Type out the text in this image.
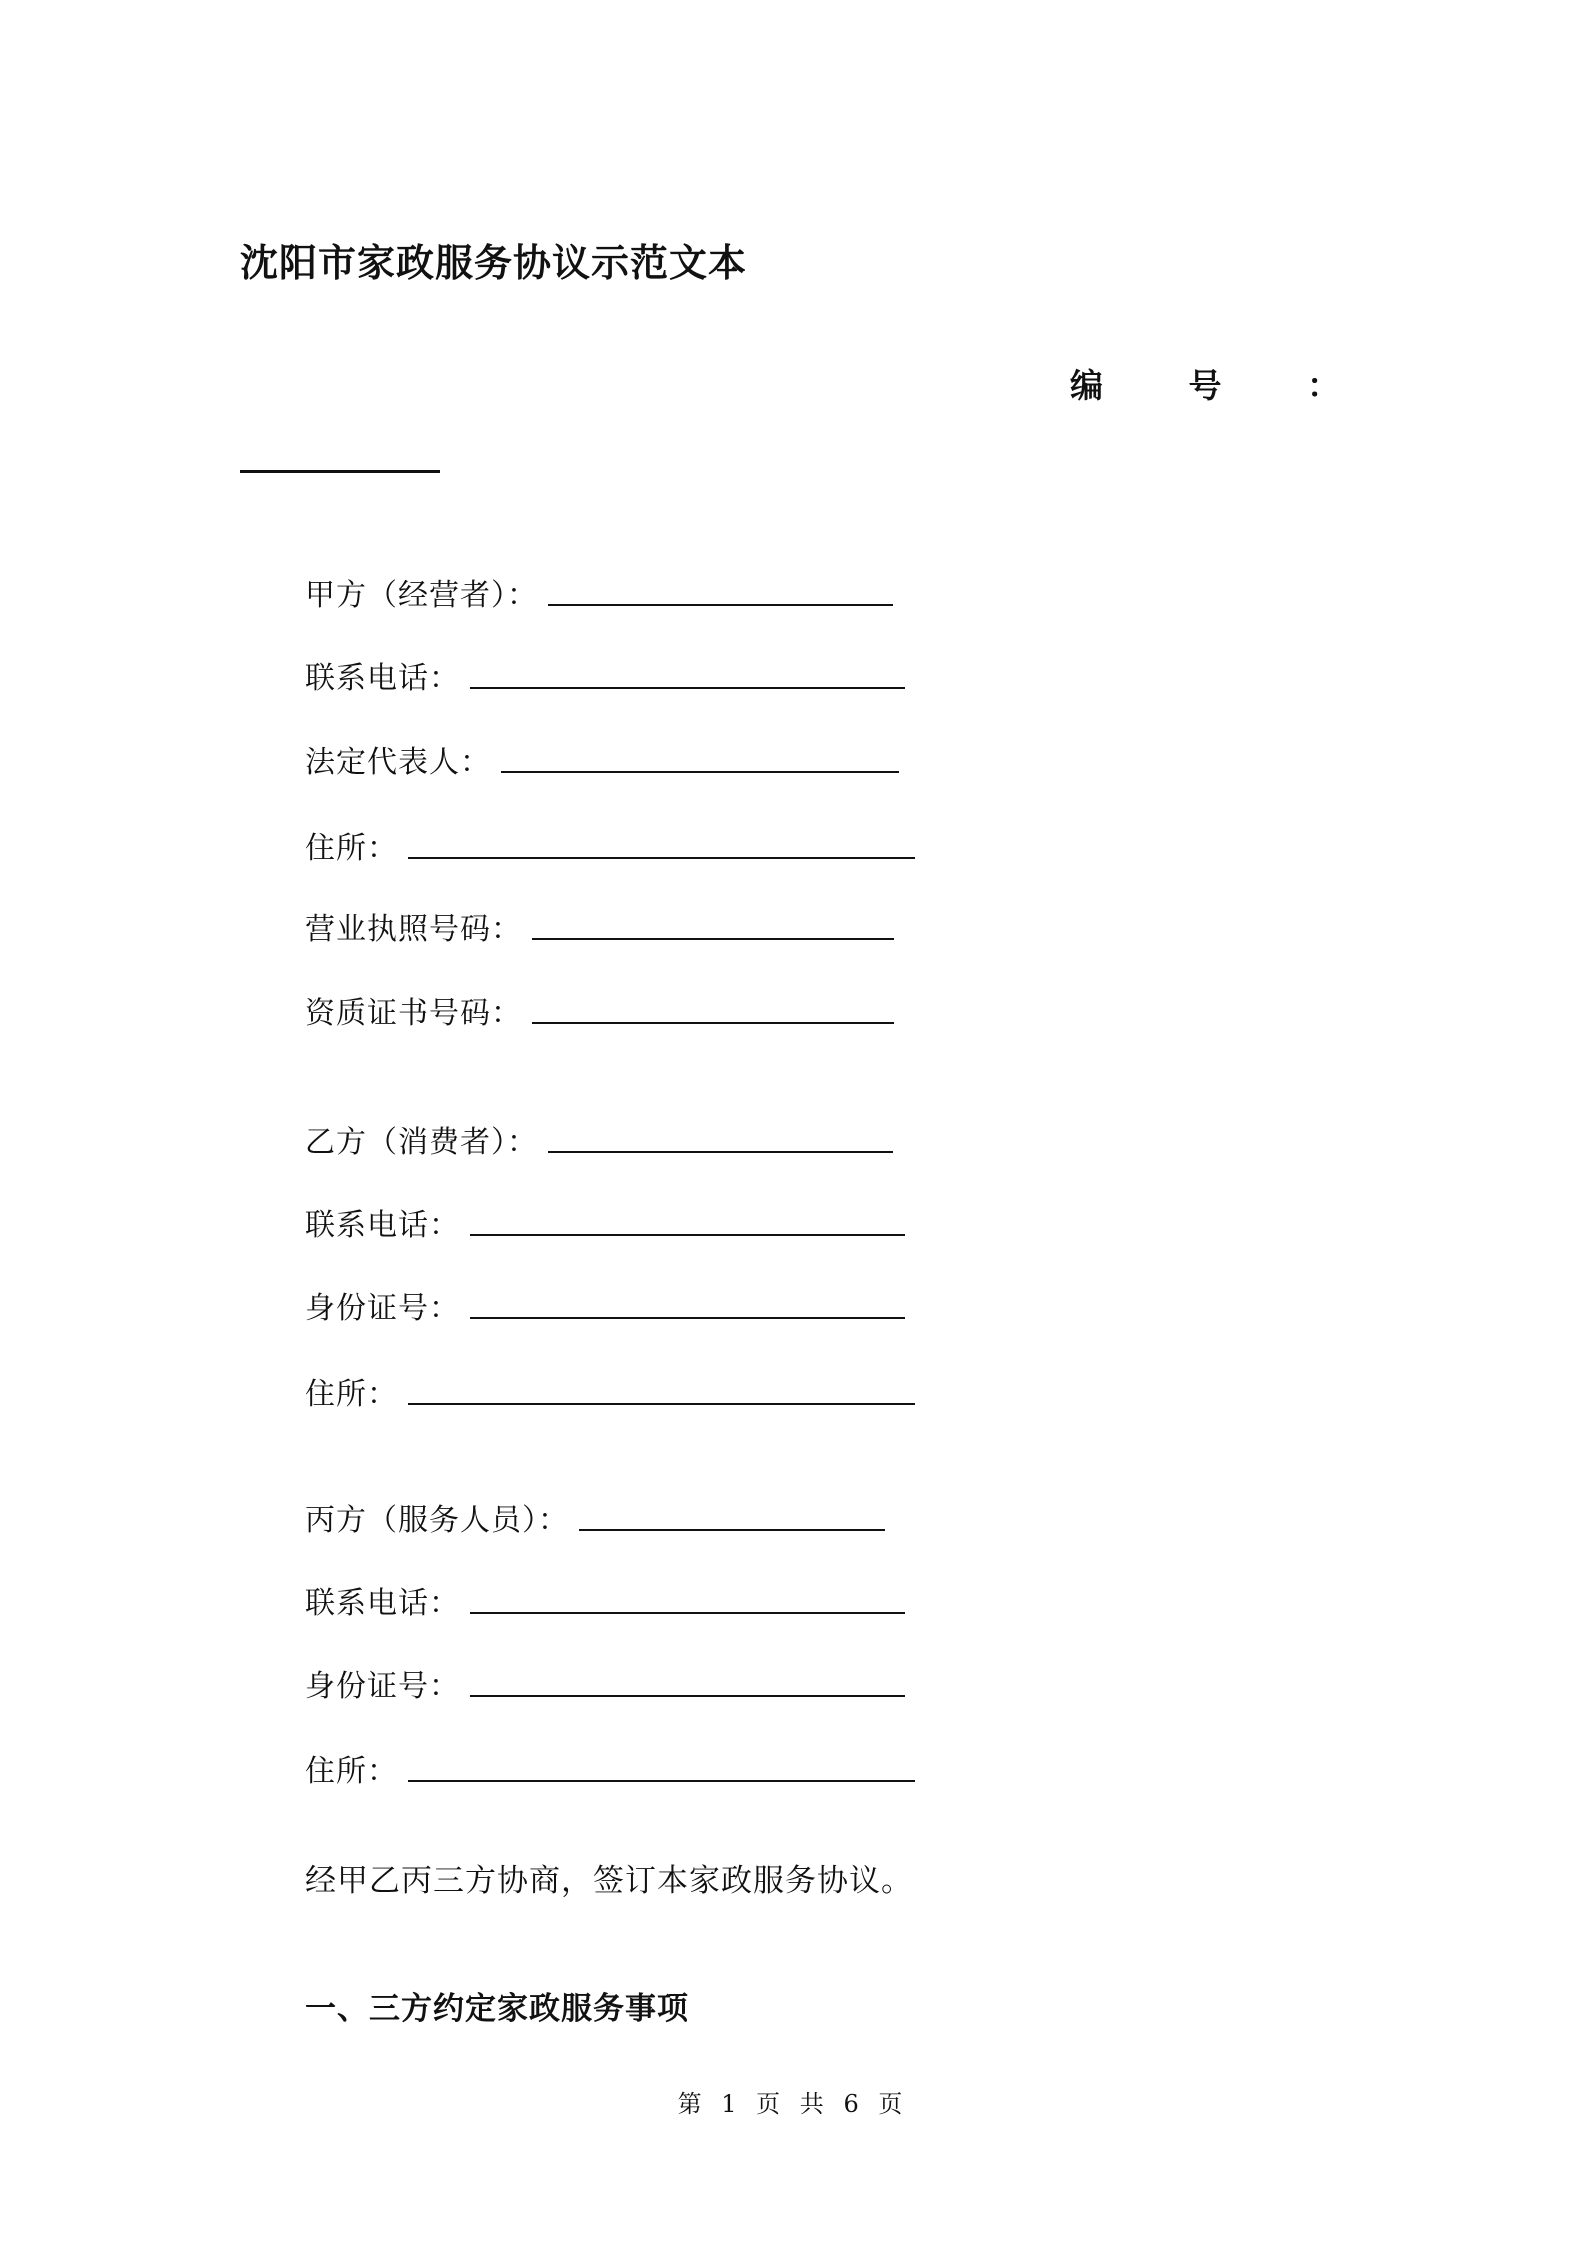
沈阳市家政服务协议示范文本
编	号	：
甲方（经营者）：
联系电话：
法定代表人：
住所：
营业执照号码：
资质证书号码：
乙方（消费者）：
联系电话：
身份证号：
住所：
丙方（服务人员）：
联系电话：
身份证号：
住所：
经甲乙丙三方协商，签订本家政服务协议。
一、三方约定家政服务事项
第 1 页 共 6 页
